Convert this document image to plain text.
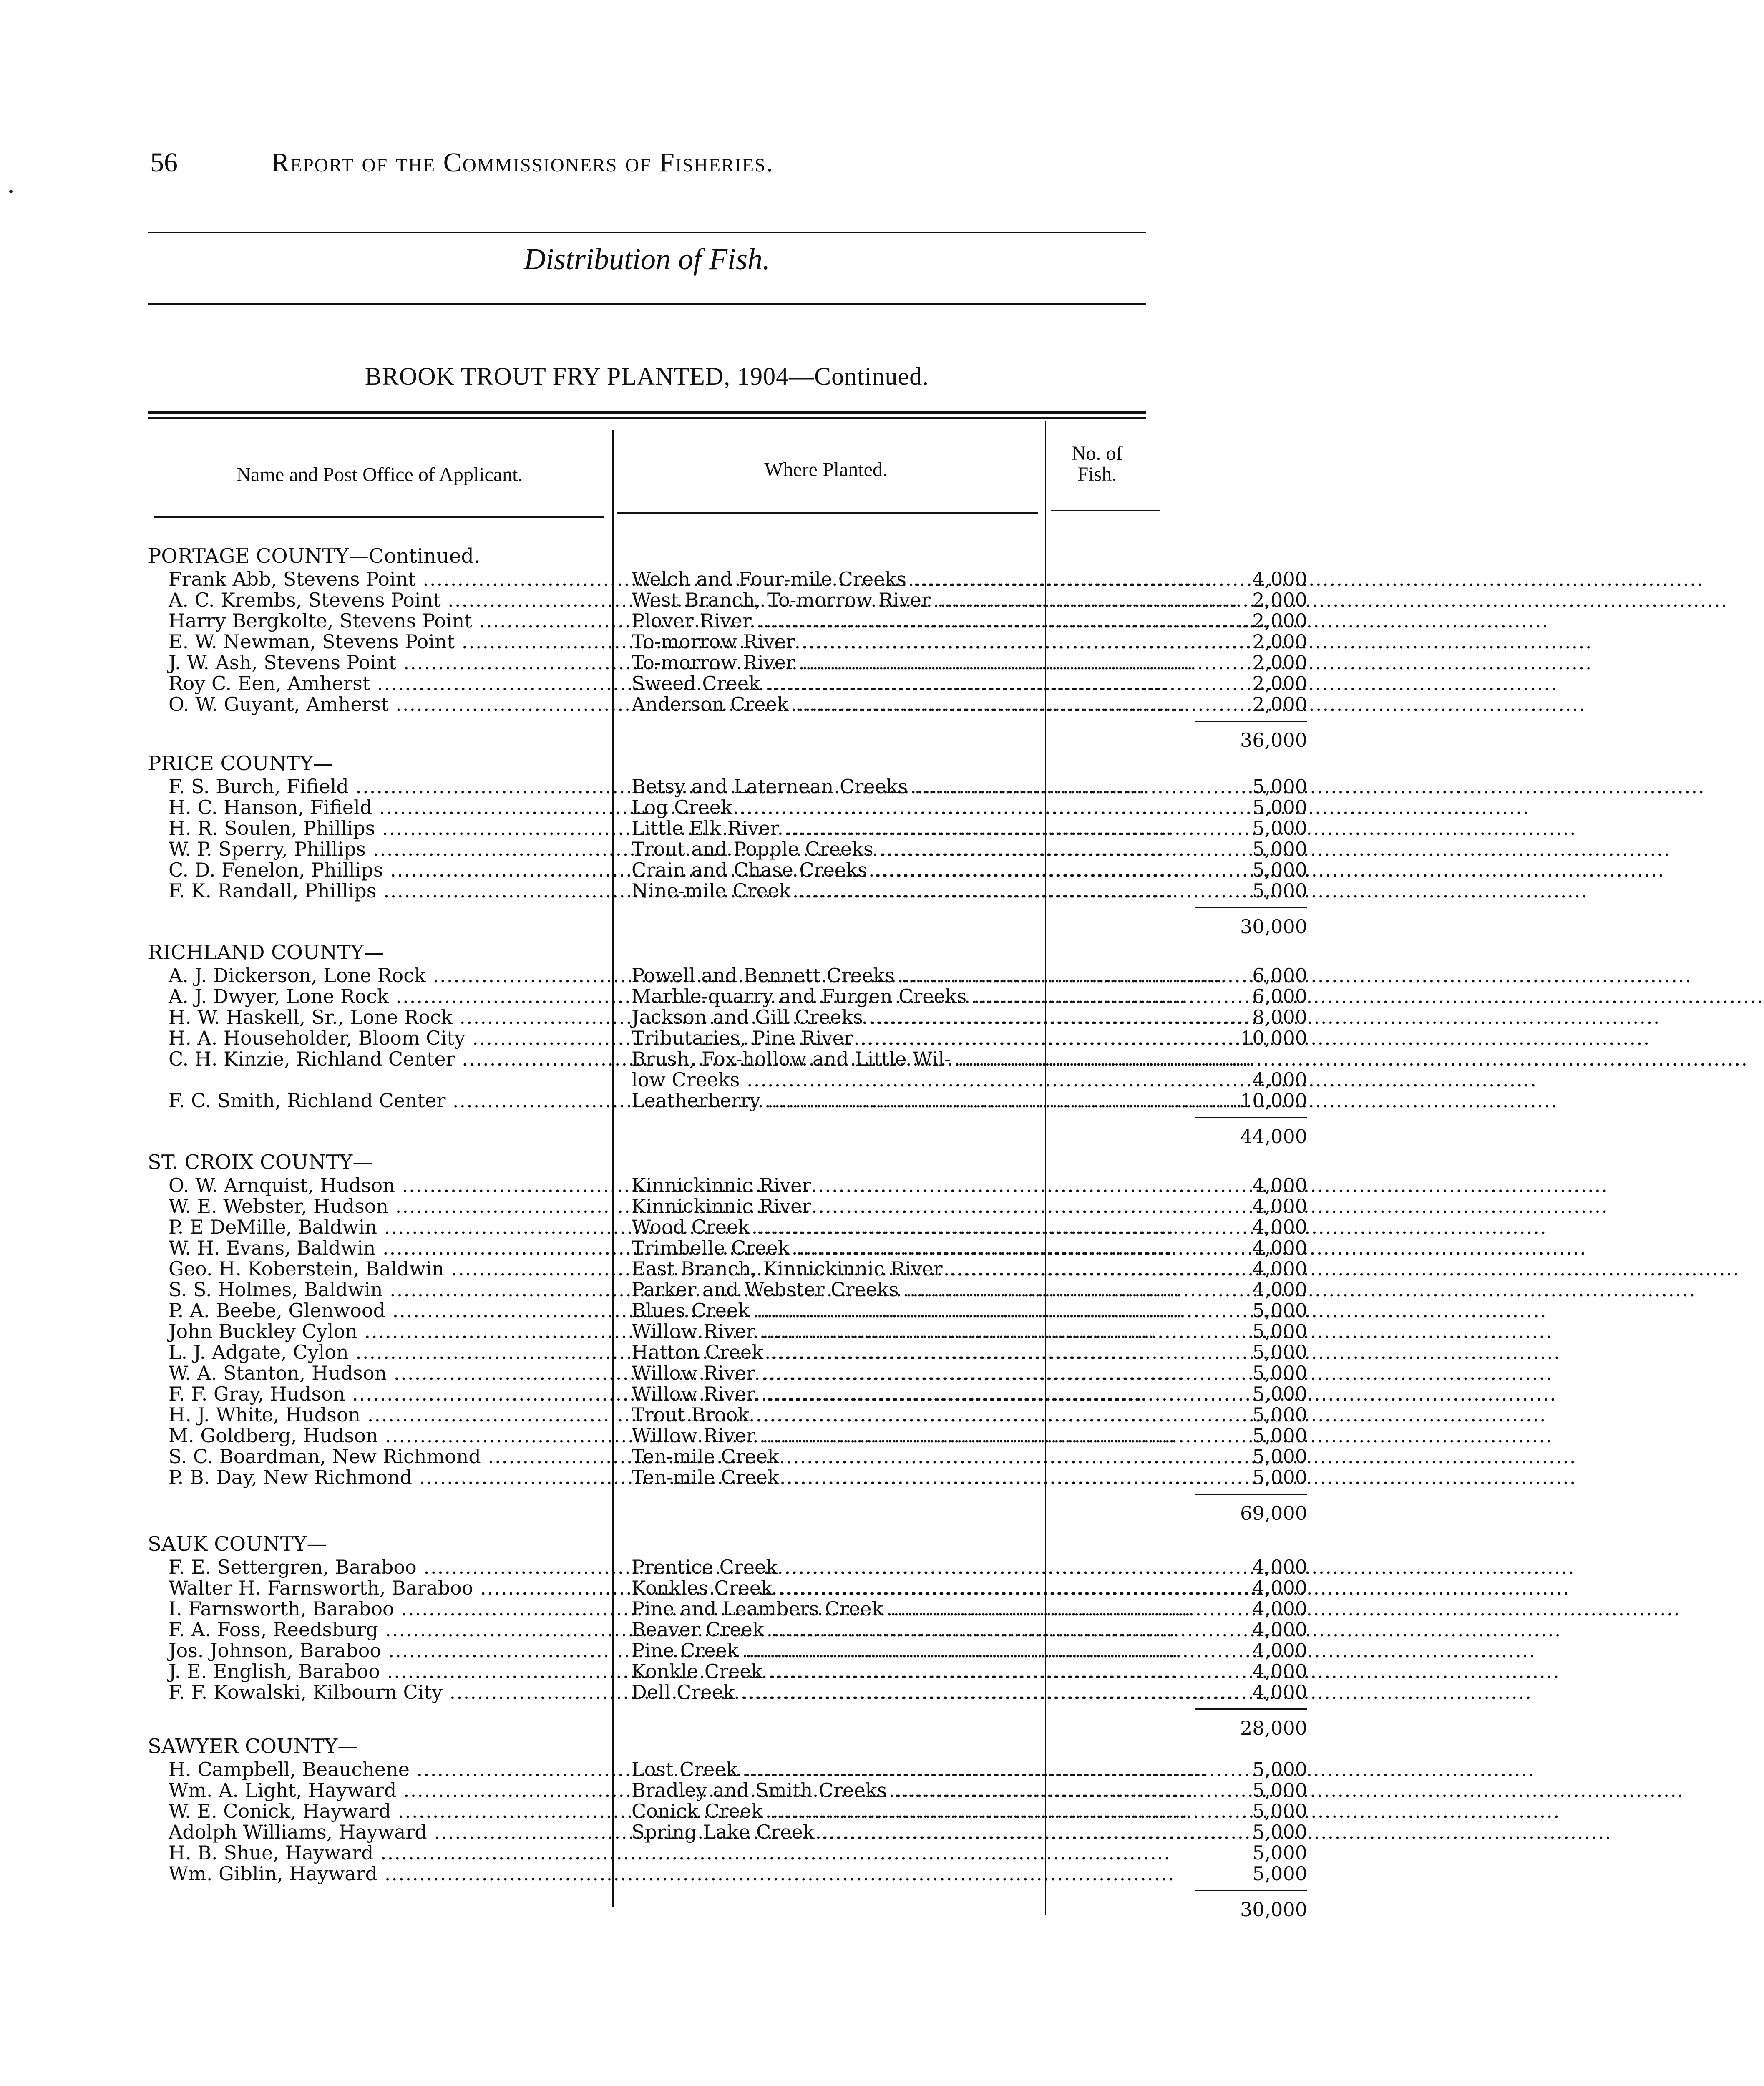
56	Report of the Commissioners of Fisheries.
Distribution of Fish.
BROOK TROUT FRY PLANTED, 1904—Continued.
Name and Post Office of Applicant.	Where Planted.
No. of Fish.
PORTAGE COUNTY—Continued.
Frank Abb, Stevens Point .....	Welch and Four-mile Creeks .....	4,000
A. C. Krembs, Stevens Point .....	West Branch, To-morrow River .....	2,000
Harry Bergkolte, Stevens Point .....	Plover River .....	2,000
E. W. Newman, Stevens Point .....	To-morrow River .....	2,000
J. W. Ash, Stevens Point .....	To-morrow River .....	2,000
Roy C. Een, Amherst .....	Sweed Creek .....	2,000
O. W. Guyant, Amherst .....	Anderson Creek .....	2,000
36,000
PRICE COUNTY—
F. S. Burch, Fifield .....	Betsy and Laternean Creeks .....	5,000
H. C. Hanson, Fifield .....	Log Creek .....	5,000
H. R. Soulen, Phillips .....	Little Elk River .....	5,000
W. P. Sperry, Phillips .....	Trout and Popple Creeks .....	5,000
C. D. Fenelon, Phillips .....	Crain and Chase Creeks .....	5,000
F. K. Randall, Phillips .....	Nine-mile Creek .....	5,000
30,000
RICHLAND COUNTY—
A. J. Dickerson, Lone Rock .....	Powell and Bennett Creeks .....	6,000
A. J. Dwyer, Lone Rock .....	Marble-quarry and Furgen Creeks .....	6,000
H. W. Haskell, Sr., Lone Rock .....	Jackson and Gill Creeks .....	8,000
H. A. Householder, Bloom City .....	Tributaries, Pine River .....	10,000
C. H. Kinzie, Richland Center .....	Brush, Fox-hollow and Little Wil- .....
low Creeks .....	4,000
F. C. Smith, Richland Center .....	Leatherberry .....	10,000
44,000
ST. CROIX COUNTY—
O. W. Arnquist, Hudson .....	Kinnickinnic River .....	4,000
W. E. Webster, Hudson .....	Kinnickinnic River .....	4,000
P. E DeMille, Baldwin .....	Wood Creek .....	4,000
W. H. Evans, Baldwin .....	Trimbelle Creek .....	4,000
Geo. H. Koberstein, Baldwin .....	East Branch, Kinnickinnic River .....	4,000
S. S. Holmes, Baldwin .....	Parker and Webster Creeks .....	4,000
P. A. Beebe, Glenwood .....	Blues Creek .....	5,000
John Buckley Cylon .....	Willow River .....	5,000
L. J. Adgate, Cylon .....	Hatton Creek .....	5,000
W. A. Stanton, Hudson .....	Willow River .....	5,000
F. F. Gray, Hudson .....	Willow River. .....	5,000
H. J. White, Hudson .....	Trout Brook .....	5,000
M. Goldberg, Hudson .....	Willow River .....	5,000
S. C. Boardman, New Richmond .....	Ten-mile Creek .....	5,000
P. B. Day, New Richmond .....	Ten-mile Creek .....	5,000
69,000
SAUK COUNTY—
F. E. Settergren, Baraboo .....	Prentice Creek .....	4,000
Walter H. Farnsworth, Baraboo .....	Konkles Creek .....	4,000
I. Farnsworth, Baraboo .....	Pine and Leambers Creek .....	4,000
F. A. Foss, Reedsburg .....	Beaver Creek .....	4,000
Jos. Johnson, Baraboo .....	Pine Creek .....	4,000
J. E. English, Baraboo .....	Konkle Creek .....	4,000
F. F. Kowalski, Kilbourn City .....	Dell Creek .....	4,000
28,000
SAWYER COUNTY—
H. Campbell, Beauchene .....	Lost Creek .....	5,000
Wm. A. Light, Hayward .....	Bradley and Smith Creeks .....	5,000
W. E. Conick, Hayward .....	Conick Creek .....	5,000
Adolph Williams, Hayward .....	Spring Lake Creek .....	5,000
H. B. Shue, Hayward .....	5,000
Wm. Giblin, Hayward .....	5,000
30,000
